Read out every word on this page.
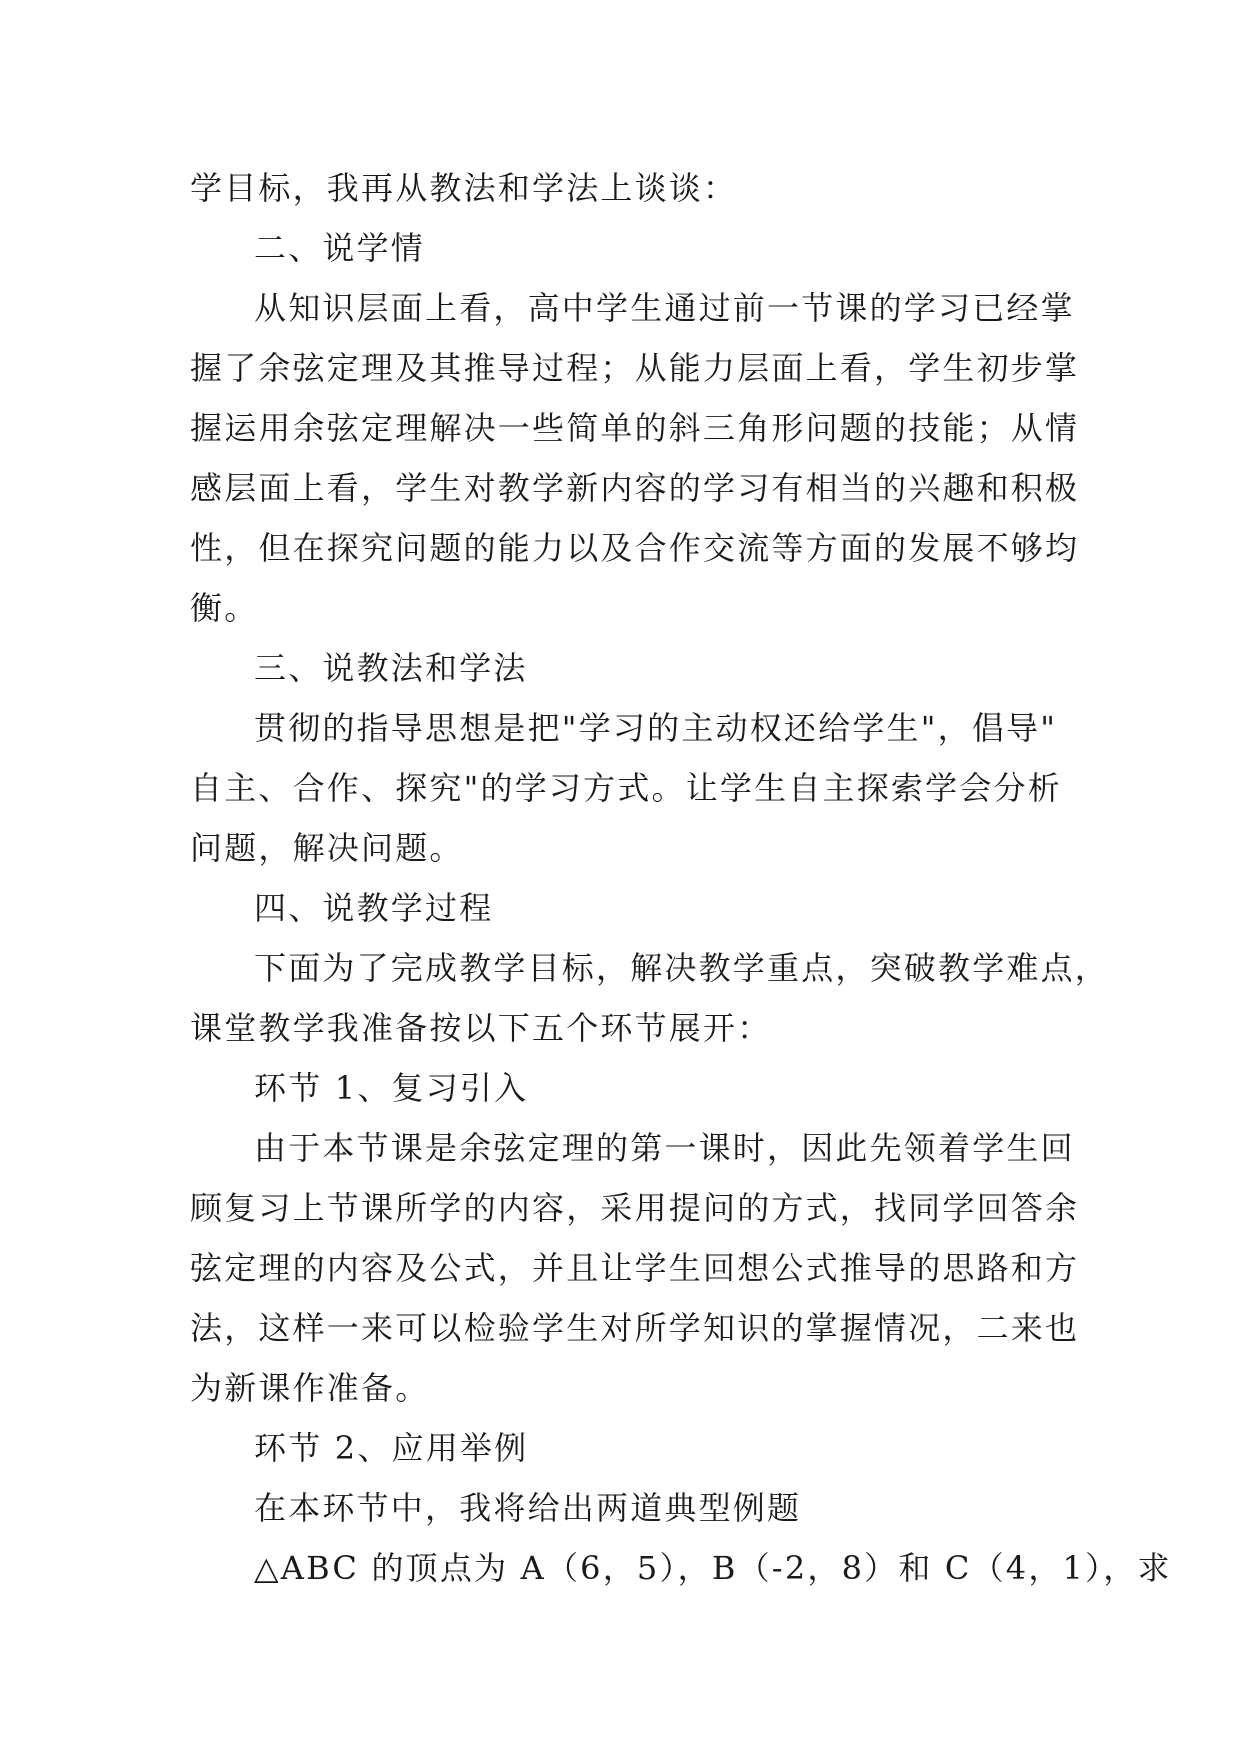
学目标，我再从教法和学法上谈谈：
二、说学情
从知识层面上看，高中学生通过前一节课的学习已经掌
握了余弦定理及其推导过程；从能力层面上看，学生初步掌
握运用余弦定理解决一些简单的斜三角形问题的技能；从情
感层面上看，学生对教学新内容的学习有相当的兴趣和积极
性，但在探究问题的能力以及合作交流等方面的发展不够均
衡。
三、说教法和学法
贯彻的指导思想是把"学习的主动权还给学生"，倡导"
自主、合作、探究"的学习方式。让学生自主探索学会分析
问题，解决问题。
四、说教学过程
下面为了完成教学目标，解决教学重点，突破教学难点，
课堂教学我准备按以下五个环节展开：
环节 1、复习引入
由于本节课是余弦定理的第一课时，因此先领着学生回
顾复习上节课所学的内容，采用提问的方式，找同学回答余
弦定理的内容及公式，并且让学生回想公式推导的思路和方
法，这样一来可以检验学生对所学知识的掌握情况，二来也
为新课作准备。
环节 2、应用举例
在本环节中，我将给出两道典型例题
△ABC 的顶点为 A（6，5），B（-2，8）和 C（4，1），求
